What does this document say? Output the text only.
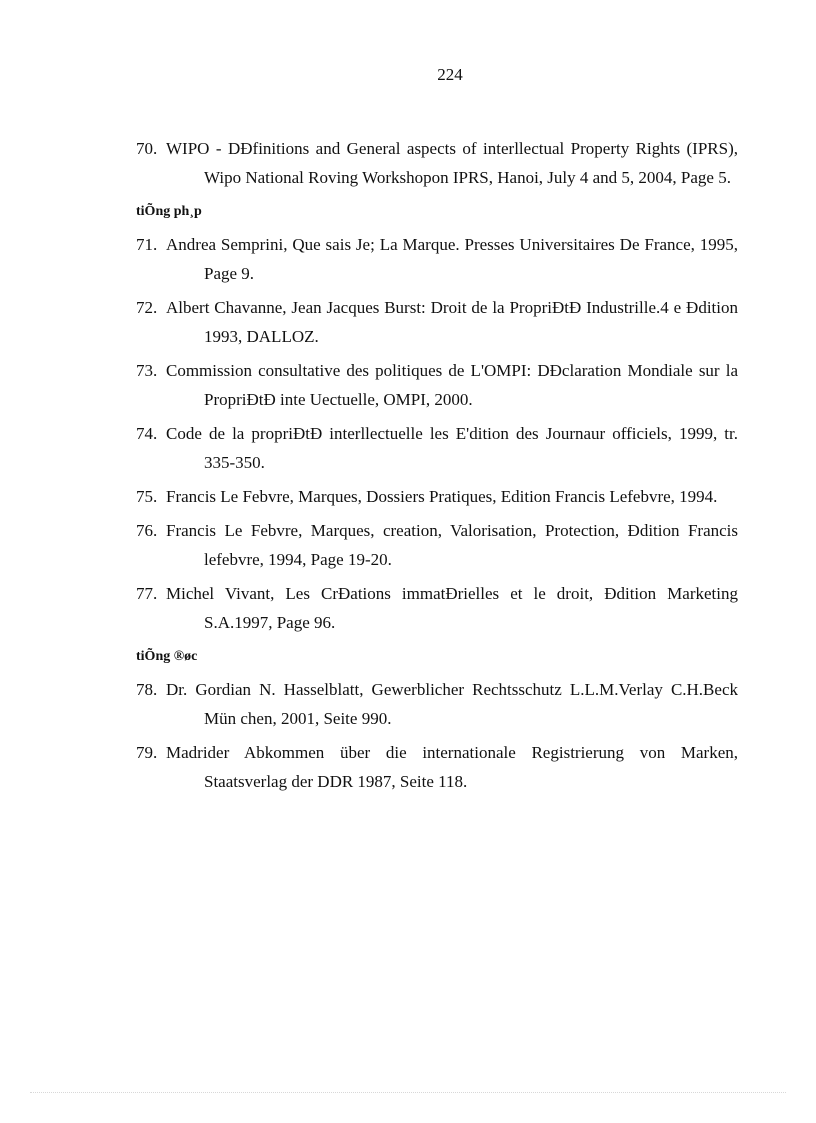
224
70. WIPO - DÐfinitions and General aspects of interllectual Property Rights (IPRS), Wipo National Roving Workshopon IPRS, Hanoi, July 4 and 5, 2004, Page 5.
tiÕng ph¸p
71. Andrea Semprini, Que sais Je; La Marque. Presses Universitaires De France, 1995, Page 9.
72. Albert Chavanne, Jean Jacques Burst: Droit de la PropriÐtÐ Industrille.4 e Ðdition 1993, DALLOZ.
73. Commission consultative des politiques de L'OMPI: DÐclaration Mondiale sur la PropriÐtÐ inte Uectuelle, OMPI, 2000.
74. Code de la propriÐtÐ interllectuelle les E'dition des Journaur officiels, 1999, tr. 335-350.
75. Francis Le Febvre, Marques, Dossiers Pratiques, Edition Francis Lefebvre, 1994.
76. Francis Le Febvre, Marques, creation, Valorisation, Protection, Ðdition Francis lefebvre, 1994, Page 19-20.
77. Michel Vivant, Les CrÐations immatÐrielles et le droit, Ðdition Marketing S.A.1997, Page 96.
tiÕng ®øc
78. Dr. Gordian N. Hasselblatt, Gewerblicher Rechtsschutz L.L.M.Verlay C.H.Beck Mün chen, 2001, Seite 990.
79. Madrider Abkommen über die internationale Registrierung von Marken, Staatsverlag der DDR 1987, Seite 118.
